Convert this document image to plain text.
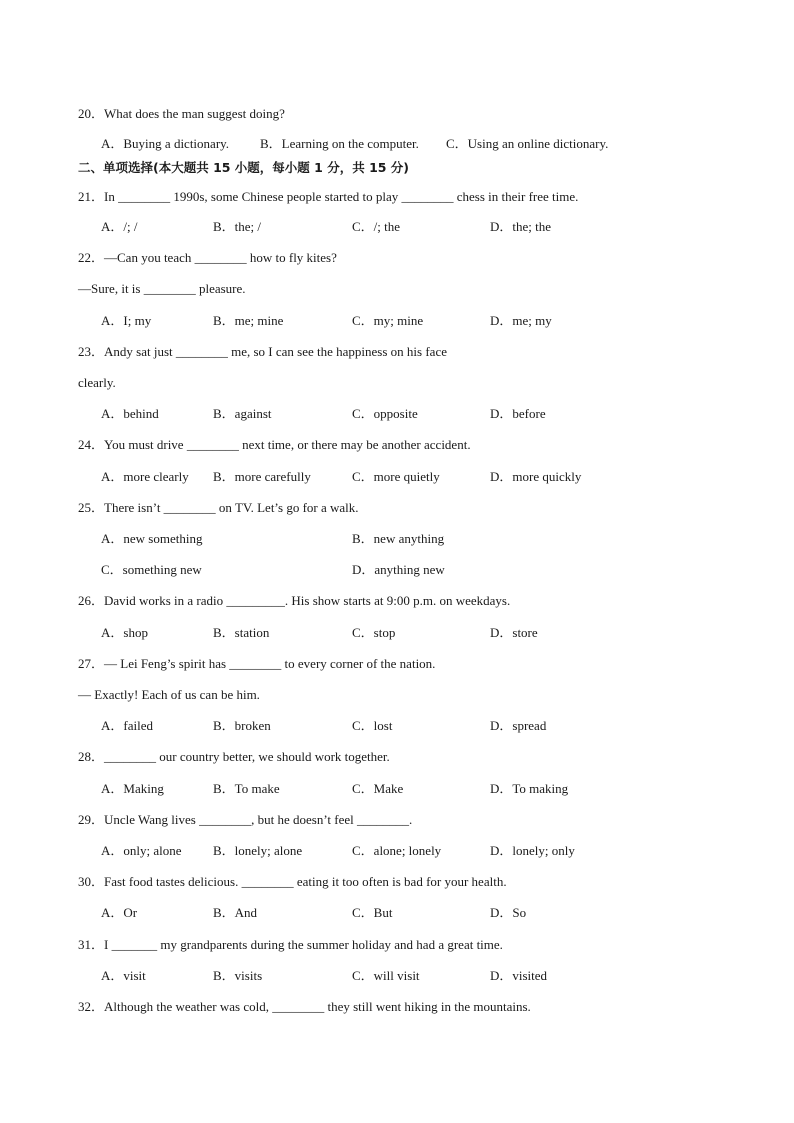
20．What does the man suggest doing?
A．Buying a dictionary. B．Learning on the computer. C．Using an online dictionary.
二、单项选择(本大题共 15 小题，每小题 1 分，共 15 分)
21．In ________ 1990s, some Chinese people started to play ________ chess in their free time.
A．/; /	B．the; /	C．/; the	D．the; the
22．—Can you teach ________ how to fly kites?
—Sure, it is ________ pleasure.
A．I; my	B．me; mine	C．my; mine	D．me; my
23．Andy sat just ________ me, so I can see the happiness on his face
clearly.
A．behind	B．against	C．opposite	D．before
24．You must drive ________ next time, or there may be another accident.
A．more clearly B．more carefully	C．more quietly	D．more quickly
25．There isn’t ________ on TV. Let’s go for a walk.
A．new something	B．new anything
C．something new	D．anything new
26．David works in a radio _________. His show starts at 9:00 p.m. on weekdays.
A．shop	B．station	C．stop	D．store
27．— Lei Feng’s spirit has ________ to every corner of the nation.
— Exactly! Each of us can be him.
A．failed	B．broken	C．lost	D．spread
28．________ our country better, we should work together.
A．Making	B．To make	C．Make	D．To making
29．Uncle Wang lives ________, but he doesn’t feel ________.
A．only; alone B．lonely; alone	C．alone; lonely	D．lonely; only
30．Fast food tastes delicious. ________ eating it too often is bad for your health.
A．Or	B．And	C．But	D．So
31．I _______ my grandparents during the summer holiday and had a great time.
A．visit	B．visits	C．will visit	D．visited
32．Although the weather was cold, ________ they still went hiking in the mountains.
